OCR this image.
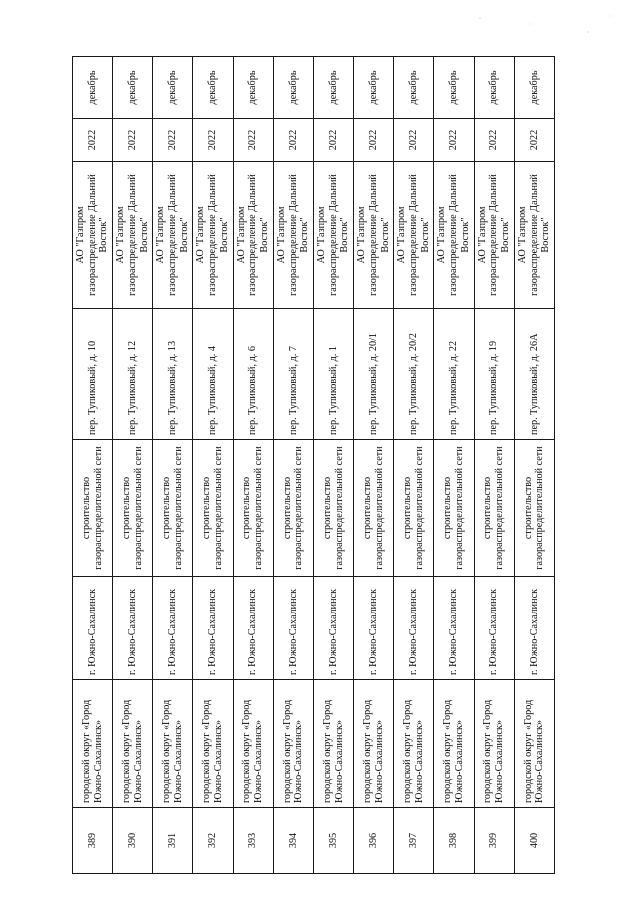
389	городской округ «Город Южно-Сахалинск»	г. Южно-Сахалинск	строительство газораспределительной сети	пер. Тупиковый, д. 10	АО "Газпром газораспределение Дальний Восток"	2022	декабрь
390	городской округ «Город Южно-Сахалинск»	г. Южно-Сахалинск	строительство газораспределительной сети	пер. Тупиковый, д. 12	АО "Газпром газораспределение Дальний Восток"	2022	декабрь
391	городской округ «Город Южно-Сахалинск»	г. Южно-Сахалинск	строительство газораспределительной сети	пер. Тупиковый, д. 13	АО "Газпром газораспределение Дальний Восток"	2022	декабрь
392	городской округ «Город Южно-Сахалинск»	г. Южно-Сахалинск	строительство газораспределительной сети	пер. Тупиковый, д. 4	АО "Газпром газораспределение Дальний Восток"	2022	декабрь
393	городской округ «Город Южно-Сахалинск»	г. Южно-Сахалинск	строительство газораспределительной сети	пер. Тупиковый, д. 6	АО "Газпром газораспределение Дальний Восток"	2022	декабрь
394	городской округ «Город Южно-Сахалинск»	г. Южно-Сахалинск	строительство газораспределительной сети	пер. Тупиковый, д. 7	АО "Газпром газораспределение Дальний Восток"	2022	декабрь
395	городской округ «Город Южно-Сахалинск»	г. Южно-Сахалинск	строительство газораспределительной сети	пер. Тупиковый, д. 1	АО "Газпром газораспределение Дальний Восток"	2022	декабрь
396	городской округ «Город Южно-Сахалинск»	г. Южно-Сахалинск	строительство газораспределительной сети	пер. Тупиковый, д. 20/1	АО "Газпром газораспределение Дальний Восток"	2022	декабрь
397	городской округ «Город Южно-Сахалинск»	г. Южно-Сахалинск	строительство газораспределительной сети	пер. Тупиковый, д. 20/2	АО "Газпром газораспределение Дальний Восток"	2022	декабрь
398	городской округ «Город Южно-Сахалинск»	г. Южно-Сахалинск	строительство газораспределительной сети	пер. Тупиковый, д. 22	АО "Газпром газораспределение Дальний Восток"	2022	декабрь
399	городской округ «Город Южно-Сахалинск»	г. Южно-Сахалинск	строительство газораспределительной сети	пер. Тупиковый, д. 19	АО "Газпром газораспределение Дальний Восток"	2022	декабрь
400	городской округ «Город Южно-Сахалинск»	г. Южно-Сахалинск	строительство газораспределительной сети	пер. Тупиковый, д. 26А	АО "Газпром газораспределение Дальний Восток"	2022	декабрь
